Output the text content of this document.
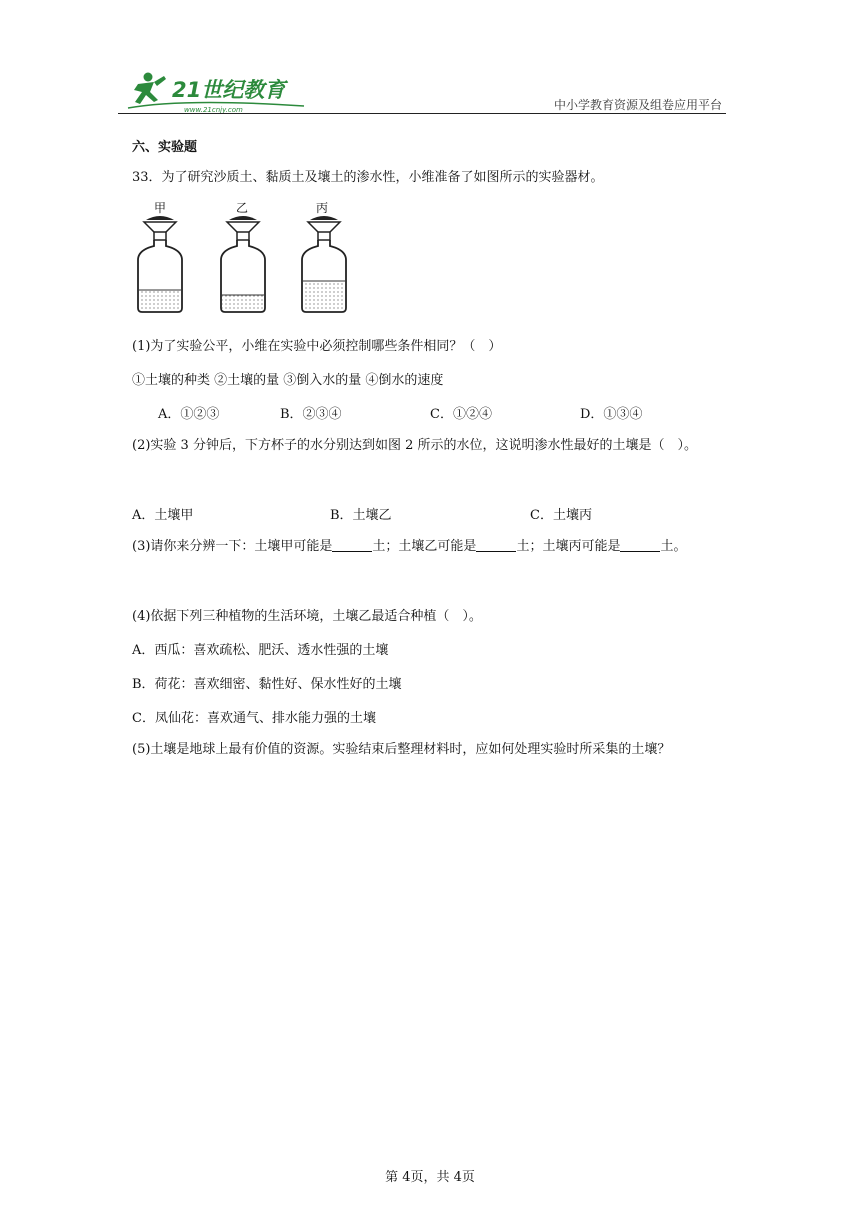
21世纪教育
www.21cnjy.com	中小学教育资源及组卷应用平台
六、实验题
33．为了研究沙质土、黏质土及壤土的渗水性，小维准备了如图所示的实验器材。
甲	乙	丙
(1)为了实验公平，小维在实验中必须控制哪些条件相同？（　）
①土壤的种类 ②土壤的量 ③倒入水的量 ④倒水的速度
A．①②③	B．②③④	C．①②④	D．①③④
(2)实验 3 分钟后，下方杯子的水分别达到如图 2 所示的水位，这说明渗水性最好的土壤是（　）。
A．土壤甲	B．土壤乙	C．土壤丙
(3)请你来分辨一下：土壤甲可能是	土；土壤乙可能是	土；土壤丙可能是	土。
(4)依据下列三种植物的生活环境，土壤乙最适合种植（　）。
A．西瓜：喜欢疏松、肥沃、透水性强的土壤
B．荷花：喜欢细密、黏性好、保水性好的土壤
C．凤仙花：喜欢通气、排水能力强的土壤
(5)土壤是地球上最有价值的资源。实验结束后整理材料时，应如何处理实验时所采集的土壤？
第 4页，共 4页
